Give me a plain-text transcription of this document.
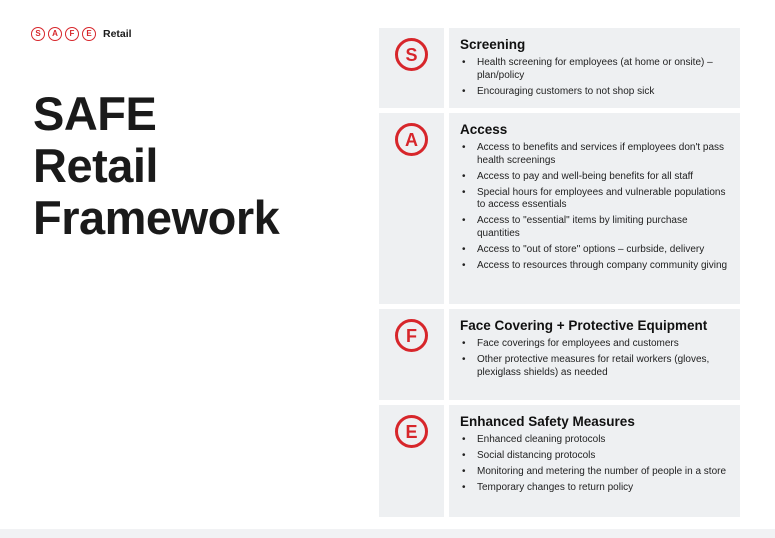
S	A	F	E	Retail
SAFE
Retail
Framework
S	Screening
• Health screening for employees (at home or onsite) – plan/policy
• Encouraging customers to not shop sick
A	Access
• Access to benefits and services if employees don't pass health screenings
• Access to pay and well-being benefits for all staff
• Special hours for employees and vulnerable populations to access essentials
• Access to "essential" items by limiting purchase quantities
• Access to "out of store" options – curbside, delivery
• Access to resources through company community giving
F	Face Covering + Protective Equipment
• Face coverings for employees and customers
• Other protective measures for retail workers (gloves, plexiglass shields) as needed
E	Enhanced Safety Measures
• Enhanced cleaning protocols
• Social distancing protocols
• Monitoring and metering the number of people in a store
• Temporary changes to return policy
